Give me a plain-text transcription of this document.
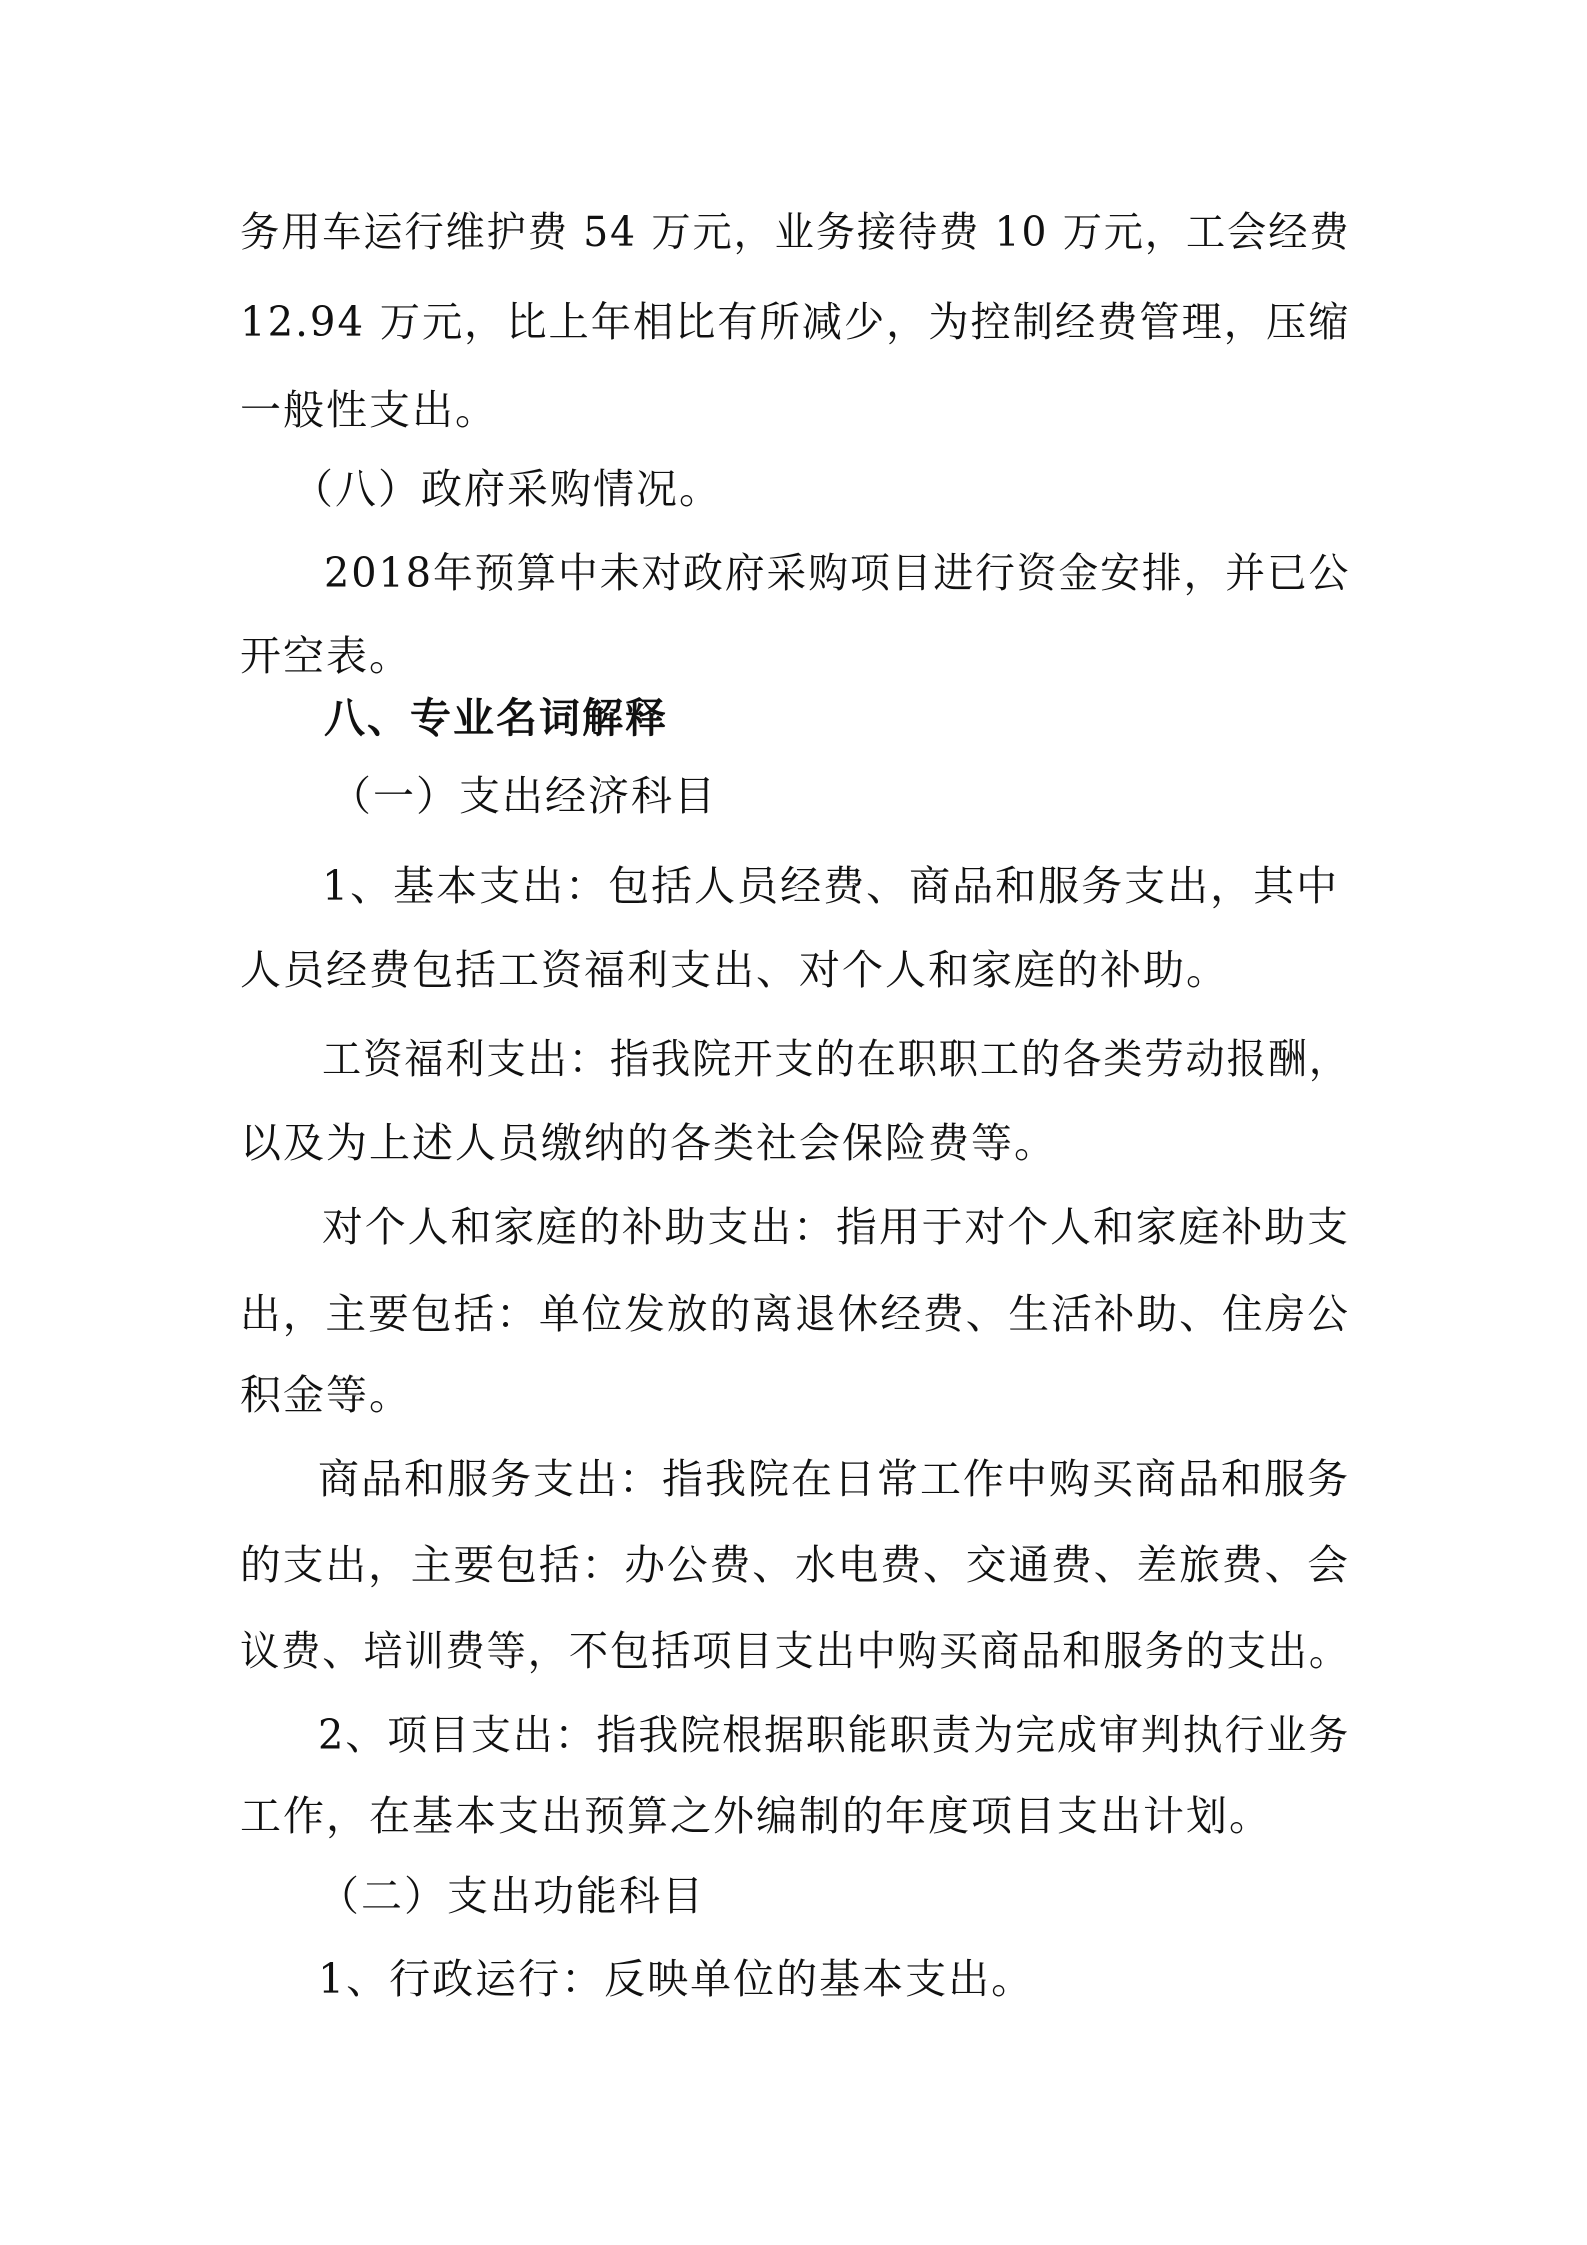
务用车运行维护费 54 万元，业务接待费 10 万元，工会经费
12.94 万元，比上年相比有所减少，为控制经费管理，压缩
一般性支出。
（八）政府采购情况。
2018年预算中未对政府采购项目进行资金安排，并已公
开空表。
八、专业名词解释
（一）支出经济科目
1、基本支出：包括人员经费、商品和服务支出，其中
人员经费包括工资福利支出、对个人和家庭的补助。
工资福利支出：指我院开支的在职职工的各类劳动报酬，
以及为上述人员缴纳的各类社会保险费等。
对个人和家庭的补助支出：指用于对个人和家庭补助支
出，主要包括：单位发放的离退休经费、生活补助、住房公
积金等。
商品和服务支出：指我院在日常工作中购买商品和服务
的支出，主要包括：办公费、水电费、交通费、差旅费、会
议费、培训费等，不包括项目支出中购买商品和服务的支出。
2、项目支出：指我院根据职能职责为完成审判执行业务
工作，在基本支出预算之外编制的年度项目支出计划。
（二）支出功能科目
1、行政运行：反映单位的基本支出。
